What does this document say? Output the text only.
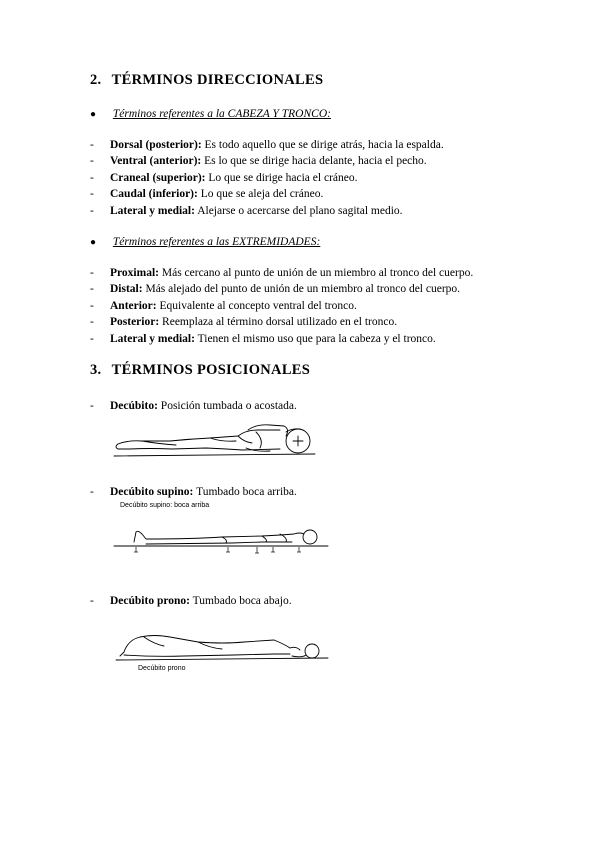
2. TÉRMINOS DIRECCIONALES
● Términos referentes a la CABEZA Y TRONCO:
- Dorsal (posterior): Es todo aquello que se dirige atrás, hacia la espalda.
- Ventral (anterior): Es lo que se dirige hacia delante, hacia el pecho.
- Craneal (superior): Lo que se dirige hacia el cráneo.
- Caudal (inferior): Lo que se aleja del cráneo.
- Lateral y medial: Alejarse o acercarse del plano sagital medio.
● Términos referentes a las EXTREMIDADES:
- Proximal: Más cercano al punto de unión de un miembro al tronco del cuerpo.
- Distal: Más alejado del punto de unión de un miembro al tronco del cuerpo.
- Anterior: Equivalente al concepto ventral del tronco.
- Posterior: Reemplaza al término dorsal utilizado en el tronco.
- Lateral y medial: Tienen el mismo uso que para la cabeza y el tronco.
3. TÉRMINOS POSICIONALES
- Decúbito: Posición tumbada o acostada.
- Decúbito supino: Tumbado boca arriba.
Decúbito supino: boca arriba
- Decúbito prono: Tumbado boca abajo.
Decúbito prono
